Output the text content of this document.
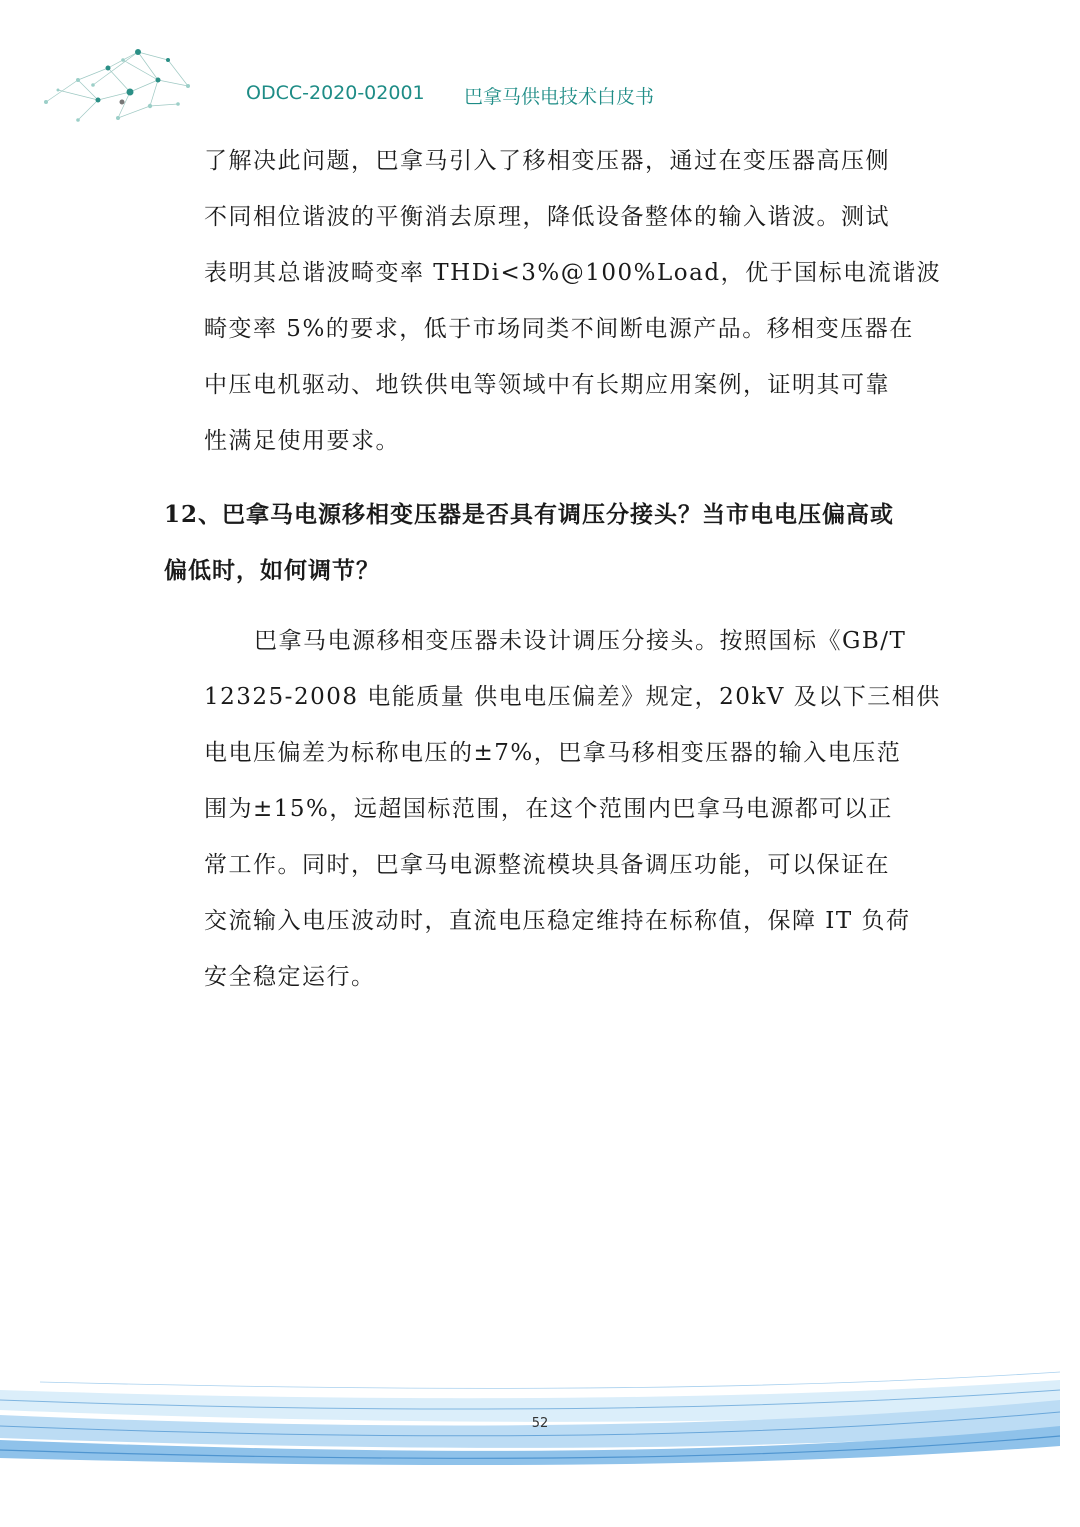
ODCC-2020-02001 巴拿马供电技术白皮书
了解决此问题，巴拿马引入了移相变压器，通过在变压器高压侧
不同相位谐波的平衡消去原理，降低设备整体的输入谐波。测试
表明其总谐波畸变率 THDi<3%@100%Load，优于国标电流谐波
畸变率 5%的要求，低于市场同类不间断电源产品。移相变压器在
中压电机驱动、地铁供电等领域中有长期应用案例，证明其可靠
性满足使用要求。
12、巴拿马电源移相变压器是否具有调压分接头？当市电电压偏高或
偏低时，如何调节？
巴拿马电源移相变压器未设计调压分接头。按照国标《GB/T
12325-2008 电能质量 供电电压偏差》规定，20kV 及以下三相供
电电压偏差为标称电压的±7%，巴拿马移相变压器的输入电压范
围为±15%，远超国标范围，在这个范围内巴拿马电源都可以正
常工作。同时，巴拿马电源整流模块具备调压功能，可以保证在
交流输入电压波动时，直流电压稳定维持在标称值，保障 IT 负荷
安全稳定运行。
52
